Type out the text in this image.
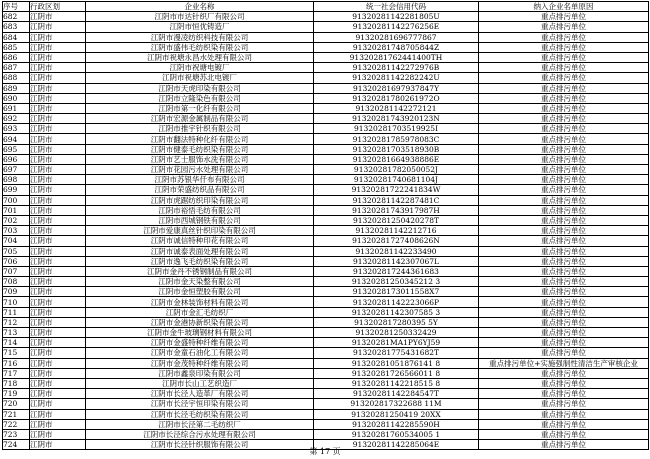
序号	行政区划	企业名称	统一社会信用代码	纳入企业名单原因
682	江阴市	江阴市市达针织厂有限公司	91320281142281805U	重点排污单位
683	江阴市	江阴市恒优铸造厂	91320281142276256E	重点排污单位
684	江阴市	江阴市漫凌纺织科技有限公司	91320281696777867	重点排污单位
685	江阴市	江阴市盛伟毛纺织染有限公司	91320281748705844Z	重点排污单位
686	江阴市	江阴市祝塘永昌水处理有限公司	91320281762441400TH	重点排污单位
687	江阴市	江阴市祝塘电镀厂	91320281142272976B	重点排污单位
688	江阴市	江阴市祝塘苏北电镀厂	91320281142282242U	重点排污单位
689	江阴市	江阴市天虎印染有限公司	91320281697937847Y	重点排污单位
690	江阴市	江阴市立隆染色有限公司	91320281780261972O	重点排污单位
691	江阴市	江阴市第一化纤有限公司	91320281142272121	重点排污单位
692	江阴市	江阴市宏源金属制品有限公司	91320281743920123N	重点排污单位
693	江阴市	江阴市推宇针织有限公司	91320281703519925I	重点排污单位
694	江阴市	江阴市翻法特种化纤有限公司	91320281785978083C	重点排污单位
695	江阴市	江阴市健泰毛纺织染有限公司	91320281703518930B	重点排污单位
696	江阴市	江阴市艺士服饰水洗有限公司	91320281664938886E	重点排污单位
697	江阴市	江阴市花园污水处理有限公司	91320281782050052J	重点排污单位
698	江阴市	江阴市苏银华仟布有限公司	91320281740681104J	重点排污单位
699	江阴市	江阴市荣盛纺织品有限公司	91320281722241834W	重点排污单位
700	江阴市	江阴市虎踞纺织印染有限公司	91320281142287481C	重点排污单位
701	江阴市	江阴市裕悟毛纺有限公司	91320281743917987H	重点排污单位
702	江阴市	江阴市西城钢铁有限公司	91320281250420278T	重点排污单位
703	江阴市	江阴市爱康真丝针织印染有限公司	91320281142212716	重点排污单位
704	江阴市	江阴市诚信特种印花有限公司	91320281727408626N	重点排污单位
705	江阴市	江阴市诚泰表面处理有限公司	91320281142233490	重点排污单位
706	江阴市	江阴市逸飞毛纺织染有限公司	91320281142307067L	重点排污单位
707	江阴市	江阴市金丹不锈钢制品有限公司	913202817244361683	重点排污单位
708	江阴市	江阴市金天染整有限公司	91320281250345212 3	重点排污单位
709	江阴市	江阴市金恒塑胶有限公司	9132028173011558X7	重点排污单位
710	江阴市	江阴市金林装饰材料有限公司	91320281142223066P	重点排污单位
711	江阴市	江阴市金汇毛纺织厂	91320281142307585 3	重点排污单位
712	江阴市	江阴市金港协新织染有限公司	913202817280395 5Y	重点排污单位
713	江阴市	江阴市金牛玻璃钢材料有限公司	91320281250332429	重点排污单位
714	江阴市	江阴市金盛特种纤维有限公司	91320281MA1PY6YJ59	重点排污单位
715	江阴市	江阴市金童石油化工有限公司	91320281775431682T	重点排污单位
716	江阴市	江阴市金茂特种纤维有限公司	91320281051876141 8	重点排污单位+实施强制性清洁生产审核企业
717	江阴市	江阴市鑫泉印染有限公司	91320281726566011 8	重点排污单位
718	江阴市	江阴市长山工艺织造厂	91320281142218515 8	重点排污单位
719	江阴市	江阴市长泾人造革厂有限公司	91320281142284547T	重点排污单位
720	江阴市	江阴市长泾宇恒印染有限公司	913202817322688 11M	重点排污单位
721	江阴市	江阴市长泾毛纺织染有限公司	91320281250419 20XX	重点排污单位
722	江阴市	江阴市长泾第二毛纺织厂	91320281142285590H	重点排污单位
723	江阴市	江阴市长泾综合污水处理有限公司	91320281760534005 1	重点排污单位
724	江阴市	江阴市长泾针织服饰有限公司	91320281142285064E	重点排污单位
第 17 页
